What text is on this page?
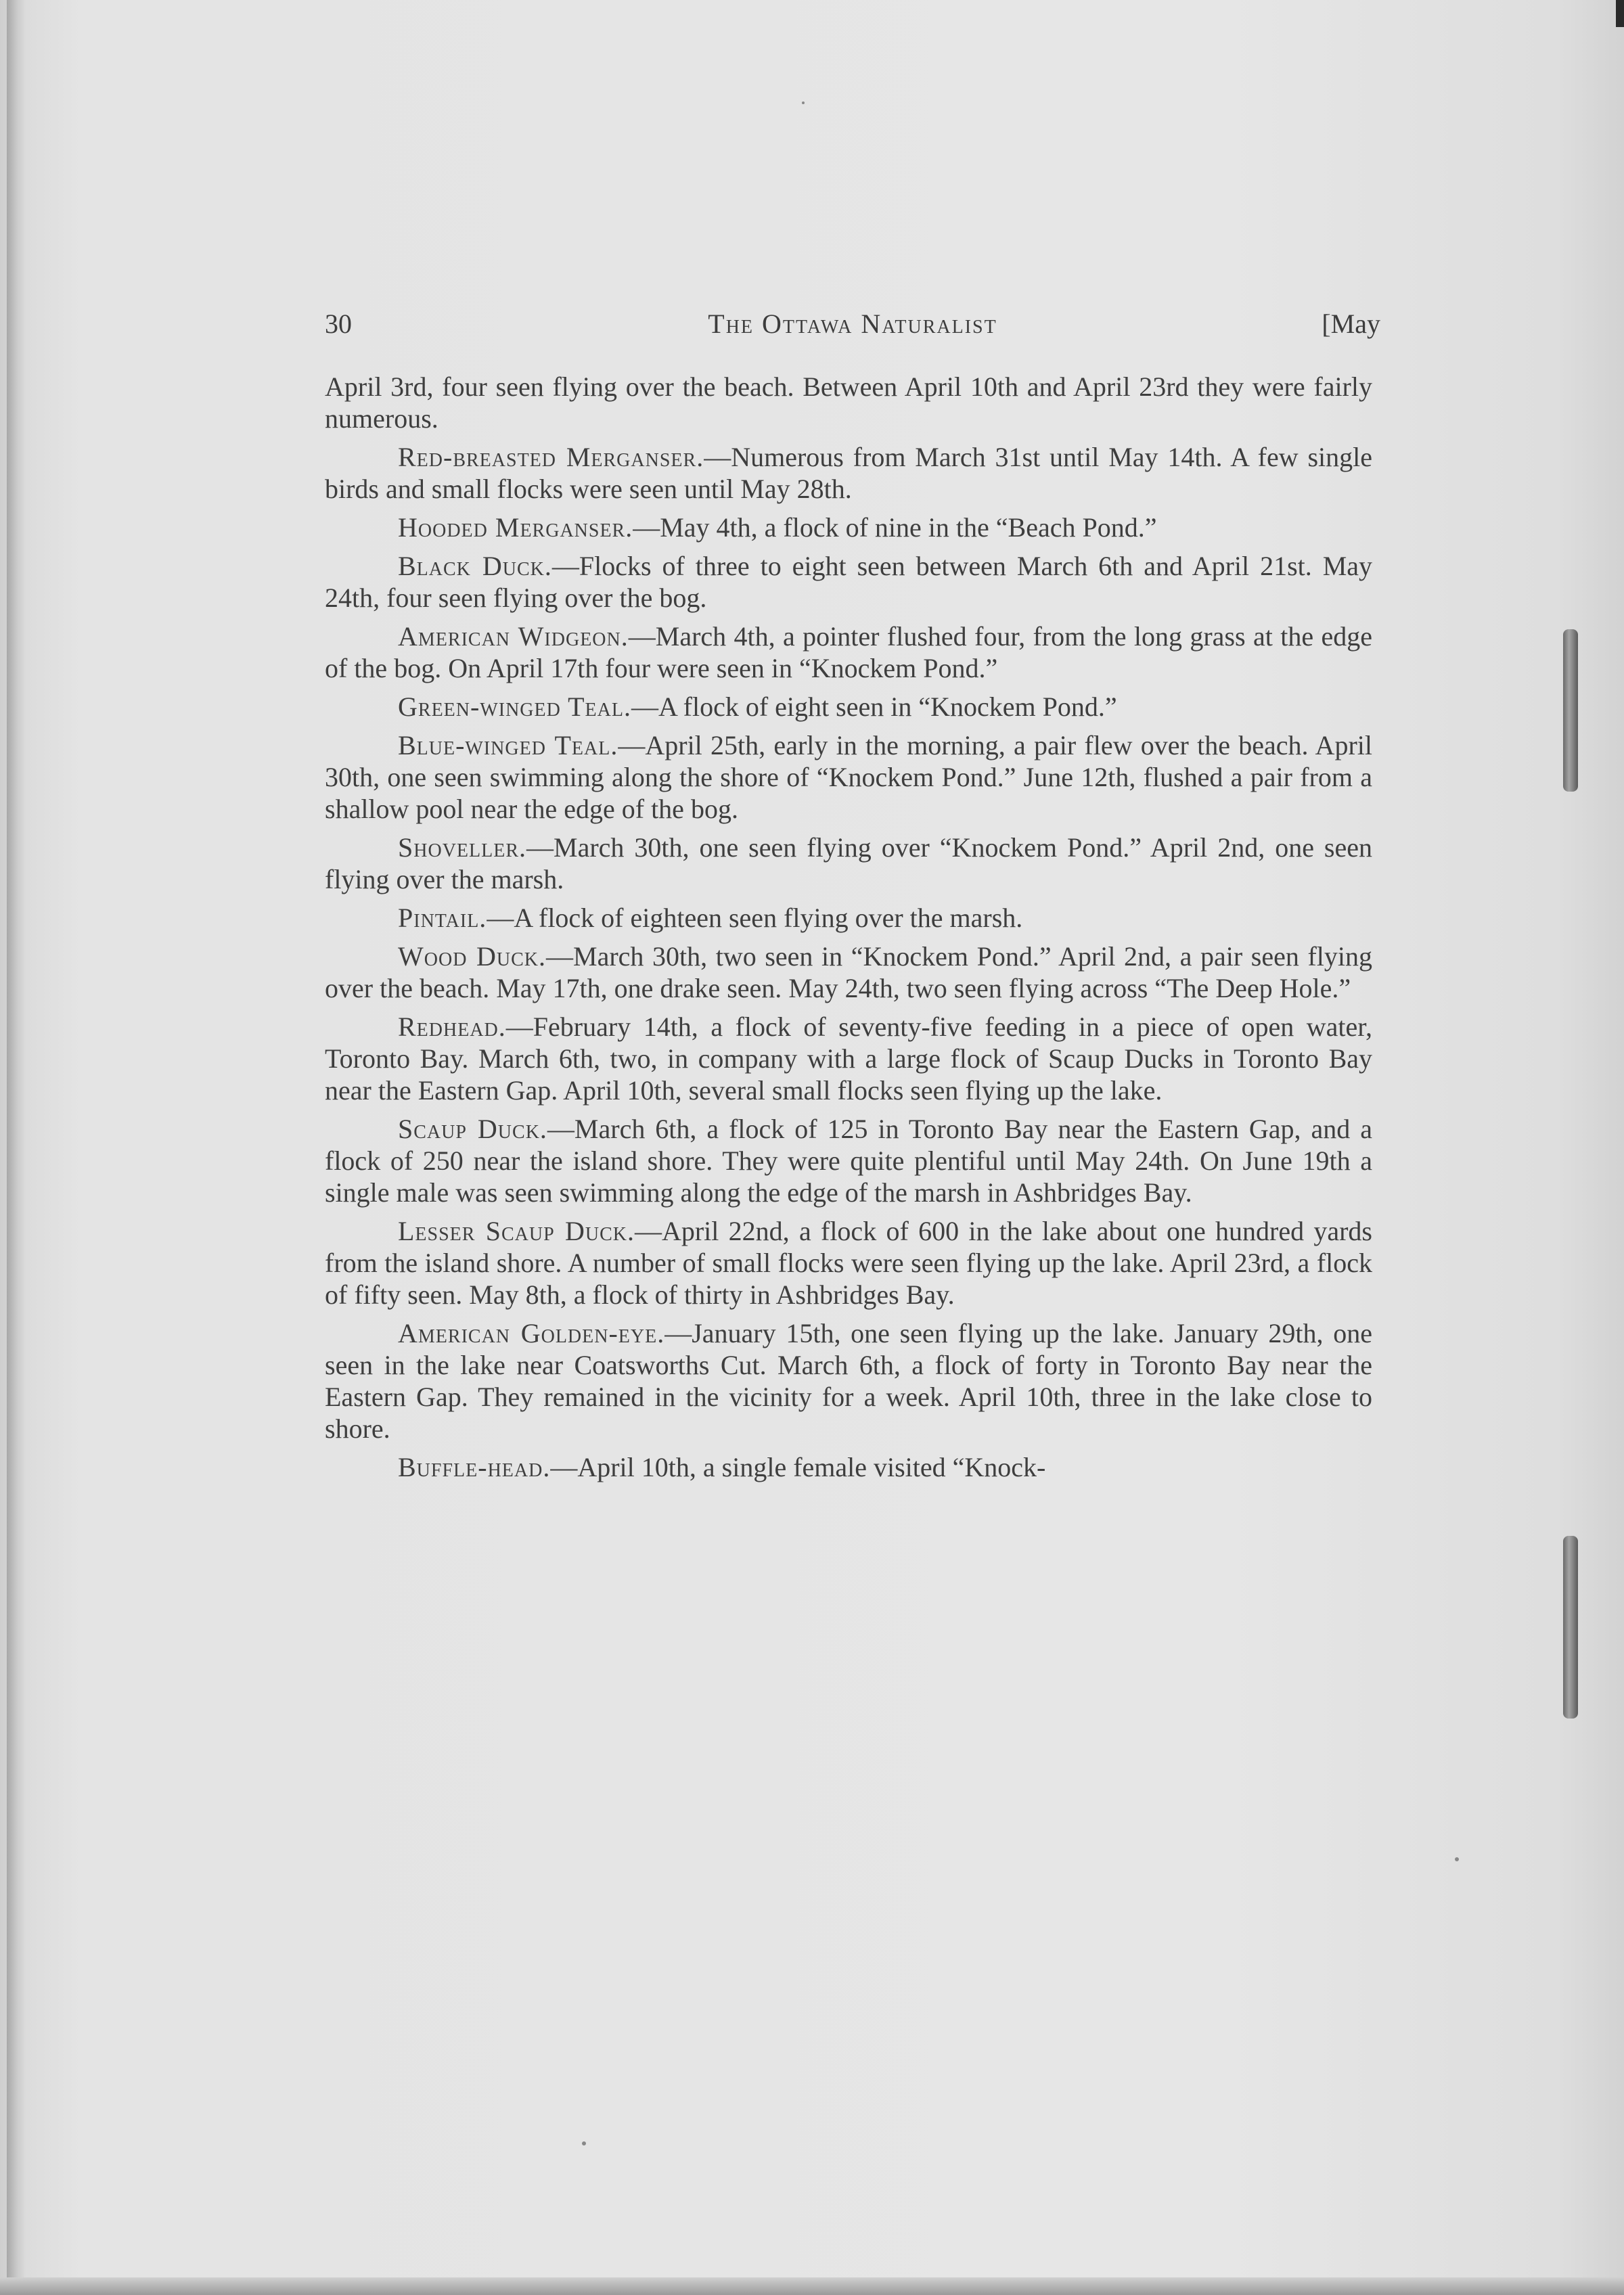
30	The Ottawa Naturalist	[May

April 3rd, four seen flying over the beach. Between April 10th and April 23rd they were fairly numerous.

Red-breasted Merganser.—Numerous from March 31st until May 14th. A few single birds and small flocks were seen until May 28th.

Hooded Merganser.—May 4th, a flock of nine in the “Beach Pond.”

Black Duck.—Flocks of three to eight seen between March 6th and April 21st. May 24th, four seen flying over the bog.

American Widgeon.—March 4th, a pointer flushed four, from the long grass at the edge of the bog. On April 17th four were seen in “Knockem Pond.”

Green-winged Teal.—A flock of eight seen in “Knockem Pond.”

Blue-winged Teal.—April 25th, early in the morning, a pair flew over the beach. April 30th, one seen swimming along the shore of “Knockem Pond.” June 12th, flushed a pair from a shallow pool near the edge of the bog.

Shoveller.—March 30th, one seen flying over “Knockem Pond.” April 2nd, one seen flying over the marsh.

Pintail.—A flock of eighteen seen flying over the marsh.

Wood Duck.—March 30th, two seen in “Knockem Pond.” April 2nd, a pair seen flying over the beach. May 17th, one drake seen. May 24th, two seen flying across “The Deep Hole.”

Redhead.—February 14th, a flock of seventy-five feeding in a piece of open water, Toronto Bay. March 6th, two, in company with a large flock of Scaup Ducks in Toronto Bay near the Eastern Gap. April 10th, several small flocks seen flying up the lake.

Scaup Duck.—March 6th, a flock of 125 in Toronto Bay near the Eastern Gap, and a flock of 250 near the island shore. They were quite plentiful until May 24th. On June 19th a single male was seen swimming along the edge of the marsh in Ashbridges Bay.

Lesser Scaup Duck.—April 22nd, a flock of 600 in the lake about one hundred yards from the island shore. A number of small flocks were seen flying up the lake. April 23rd, a flock of fifty seen. May 8th, a flock of thirty in Ashbridges Bay.

American Golden-eye.—January 15th, one seen flying up the lake. January 29th, one seen in the lake near Coatsworths Cut. March 6th, a flock of forty in Toronto Bay near the Eastern Gap. They remained in the vicinity for a week. April 10th, three in the lake close to shore.

Buffle-head.—April 10th, a single female visited “Knock-
